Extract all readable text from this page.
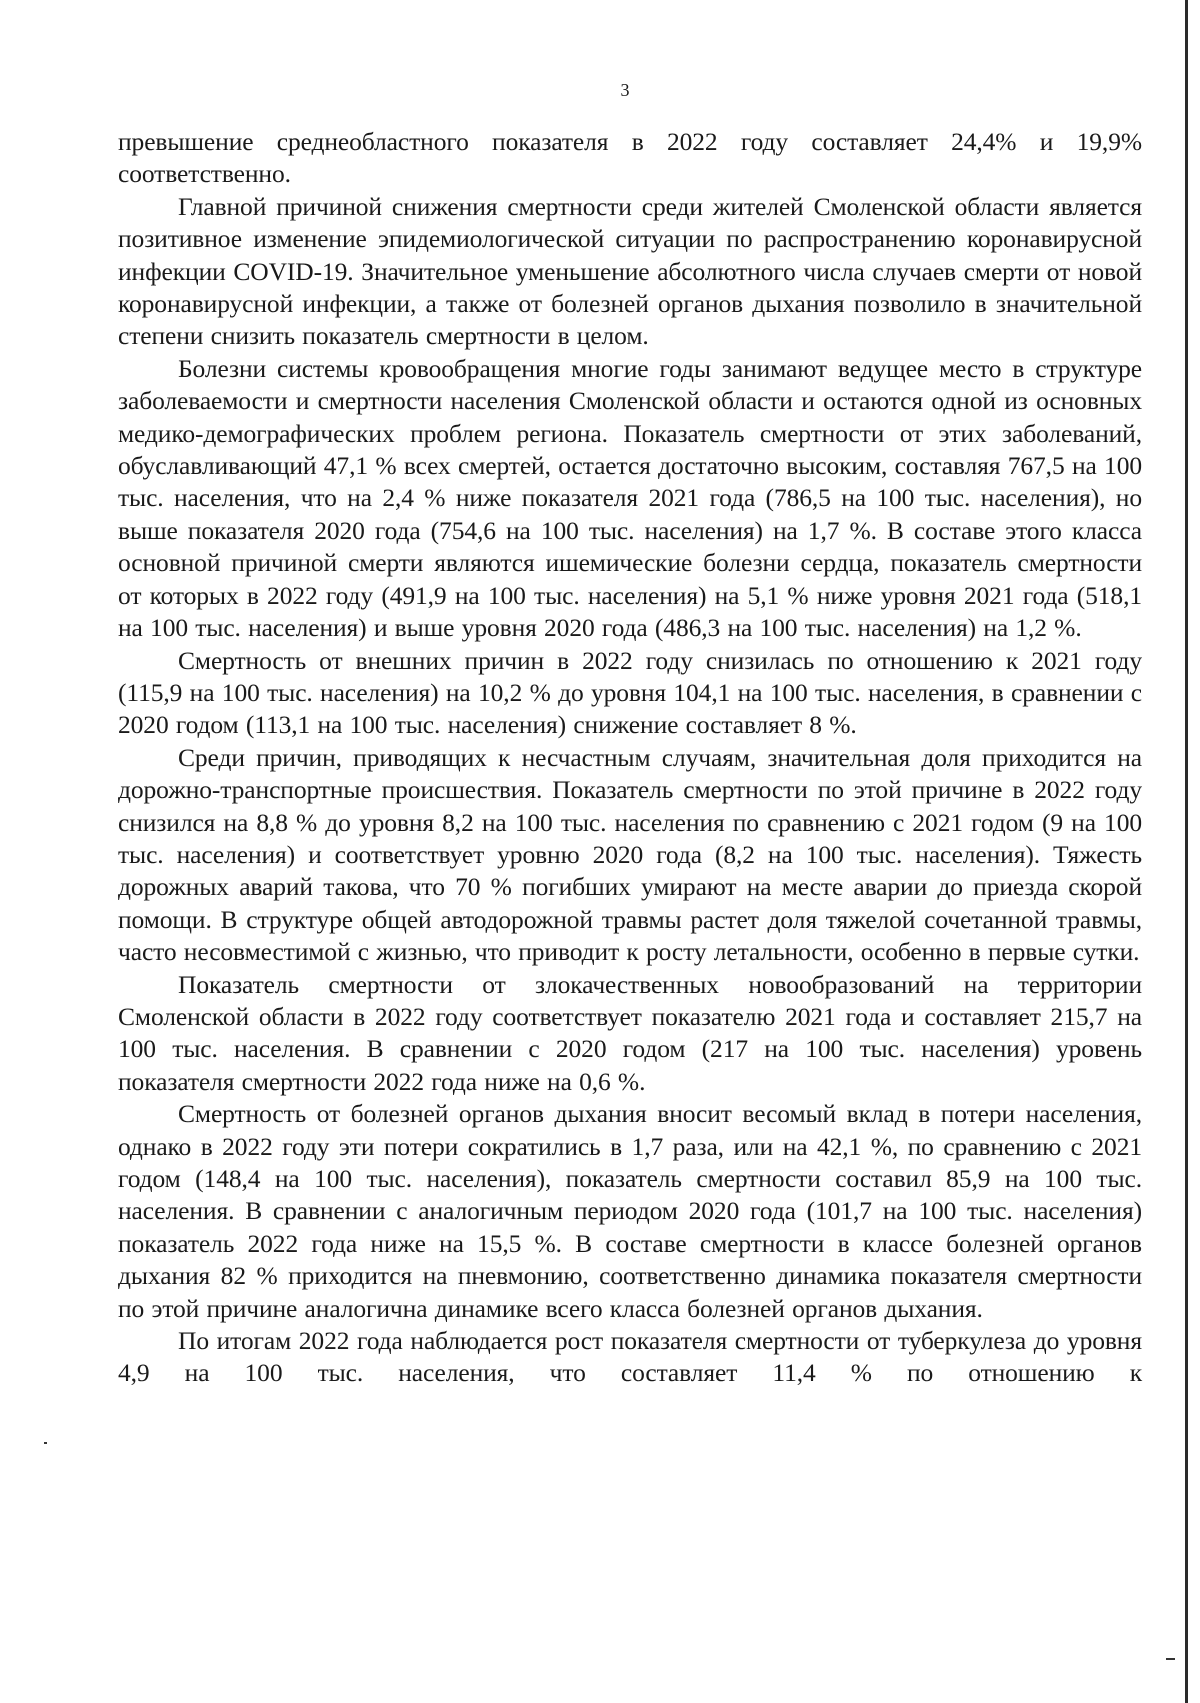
3

превышение среднеобластного показателя в 2022 году составляет 24,4% и 19,9% соответственно.

Главной причиной снижения смертности среди жителей Смоленской области является позитивное изменение эпидемиологической ситуации по распространению коронавирусной инфекции COVID-19. Значительное уменьшение абсолютного числа случаев смерти от новой коронавирусной инфекции, а также от болезней органов дыхания позволило в значительной степени снизить показатель смертности в целом.

Болезни системы кровообращения многие годы занимают ведущее место в структуре заболеваемости и смертности населения Смоленской области и остаются одной из основных медико-демографических проблем региона. Показатель смертности от этих заболеваний, обуславливающий 47,1 % всех смертей, остается достаточно высоким, составляя 767,5 на 100 тыс. населения, что на 2,4 % ниже показателя 2021 года (786,5 на 100 тыс. населения), но выше показателя 2020 года (754,6 на 100 тыс. населения) на 1,7 %. В составе этого класса основной причиной смерти являются ишемические болезни сердца, показатель смертности от которых в 2022 году (491,9 на 100 тыс. населения) на 5,1 % ниже уровня 2021 года (518,1 на 100 тыс. населения) и выше уровня 2020 года (486,3 на 100 тыс. населения) на 1,2 %.

Смертность от внешних причин в 2022 году снизилась по отношению к 2021 году (115,9 на 100 тыс. населения) на 10,2 % до уровня 104,1 на 100 тыс. населения, в сравнении с 2020 годом (113,1 на 100 тыс. населения) снижение составляет 8 %.

Среди причин, приводящих к несчастным случаям, значительная доля приходится на дорожно-транспортные происшествия. Показатель смертности по этой причине в 2022 году снизился на 8,8 % до уровня 8,2 на 100 тыс. населения по сравнению с 2021 годом (9 на 100 тыс. населения) и соответствует уровню 2020 года (8,2 на 100 тыс. населения). Тяжесть дорожных аварий такова, что 70 % погибших умирают на месте аварии до приезда скорой помощи. В структуре общей автодорожной травмы растет доля тяжелой сочетанной травмы, часто несовместимой с жизнью, что приводит к росту летальности, особенно в первые сутки.

Показатель смертности от злокачественных новообразований на территории Смоленской области в 2022 году соответствует показателю 2021 года и составляет 215,7 на 100 тыс. населения. В сравнении с 2020 годом (217 на 100 тыс. населения) уровень показателя смертности 2022 года ниже на 0,6 %.

Смертность от болезней органов дыхания вносит весомый вклад в потери населения, однако в 2022 году эти потери сократились в 1,7 раза, или на 42,1 %, по сравнению с 2021 годом (148,4 на 100 тыс. населения), показатель смертности составил 85,9 на 100 тыс. населения. В сравнении с аналогичным периодом 2020 года (101,7 на 100 тыс. населения) показатель 2022 года ниже на 15,5 %. В составе смертности в классе болезней органов дыхания 82 % приходится на пневмонию, соответственно динамика показателя смертности по этой причине аналогична динамике всего класса болезней органов дыхания.

По итогам 2022 года наблюдается рост показателя смертности от туберкулеза до уровня 4,9 на 100 тыс. населения, что составляет 11,4 % по отношению к
